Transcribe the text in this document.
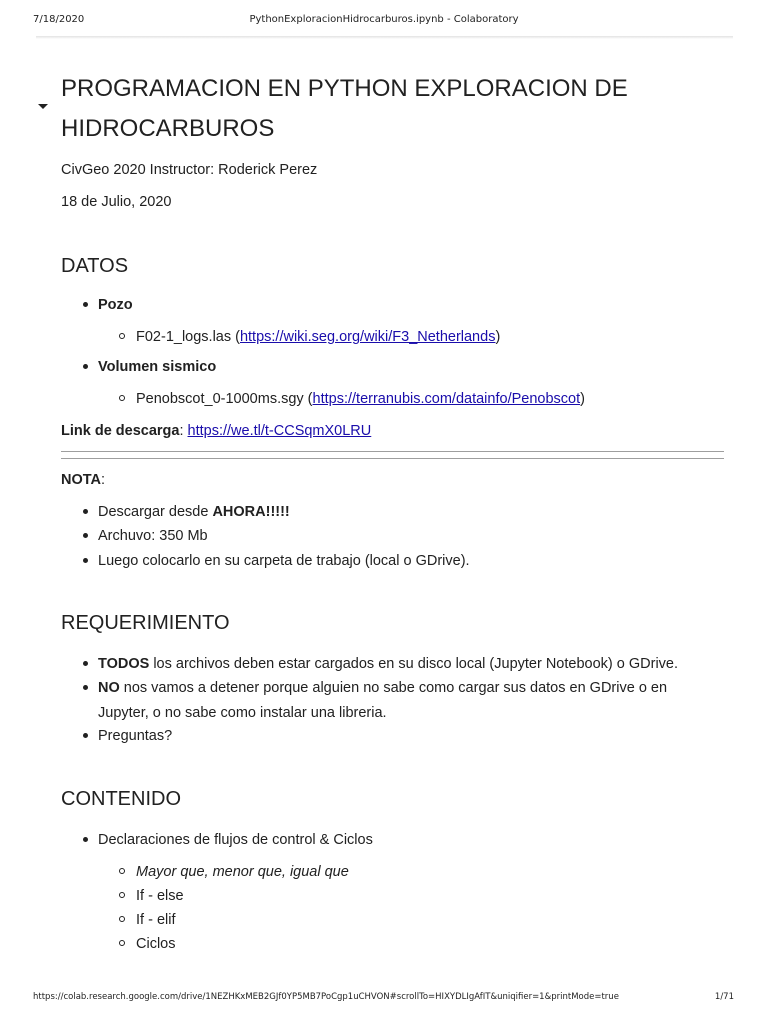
7/18/2020	PythonExploracionHidrocarburos.ipynb - Colaboratory
PROGRAMACION EN PYTHON EXPLORACION DE HIDROCARBUROS
CivGeo 2020 Instructor: Roderick Perez
18 de Julio, 2020
DATOS
Pozo
F02-1_logs.las (https://wiki.seg.org/wiki/F3_Netherlands)
Volumen sismico
Penobscot_0-1000ms.sgy (https://terranubis.com/datainfo/Penobscot)
Link de descarga: https://we.tl/t-CCSqmX0LRU
NOTA:
Descargar desde AHORA!!!!!
Archuvo: 350 Mb
Luego colocarlo en su carpeta de trabajo (local o GDrive).
REQUERIMIENTO
TODOS los archivos deben estar cargados en su disco local (Jupyter Notebook) o GDrive.
NO nos vamos a detener porque alguien no sabe como cargar sus datos en GDrive o en
Jupyter, o no sabe como instalar una libreria.
Preguntas?
CONTENIDO
Declaraciones de flujos de control & Ciclos
Mayor que, menor que, igual que
If - else
If - elif
Ciclos
https://colab.research.google.com/drive/1NEZHKxMEB2GJf0YP5MB7PoCgp1uCHVON#scrollTo=HIXYDLIgAfIT&uniqifier=1&printMode=true	1/71
